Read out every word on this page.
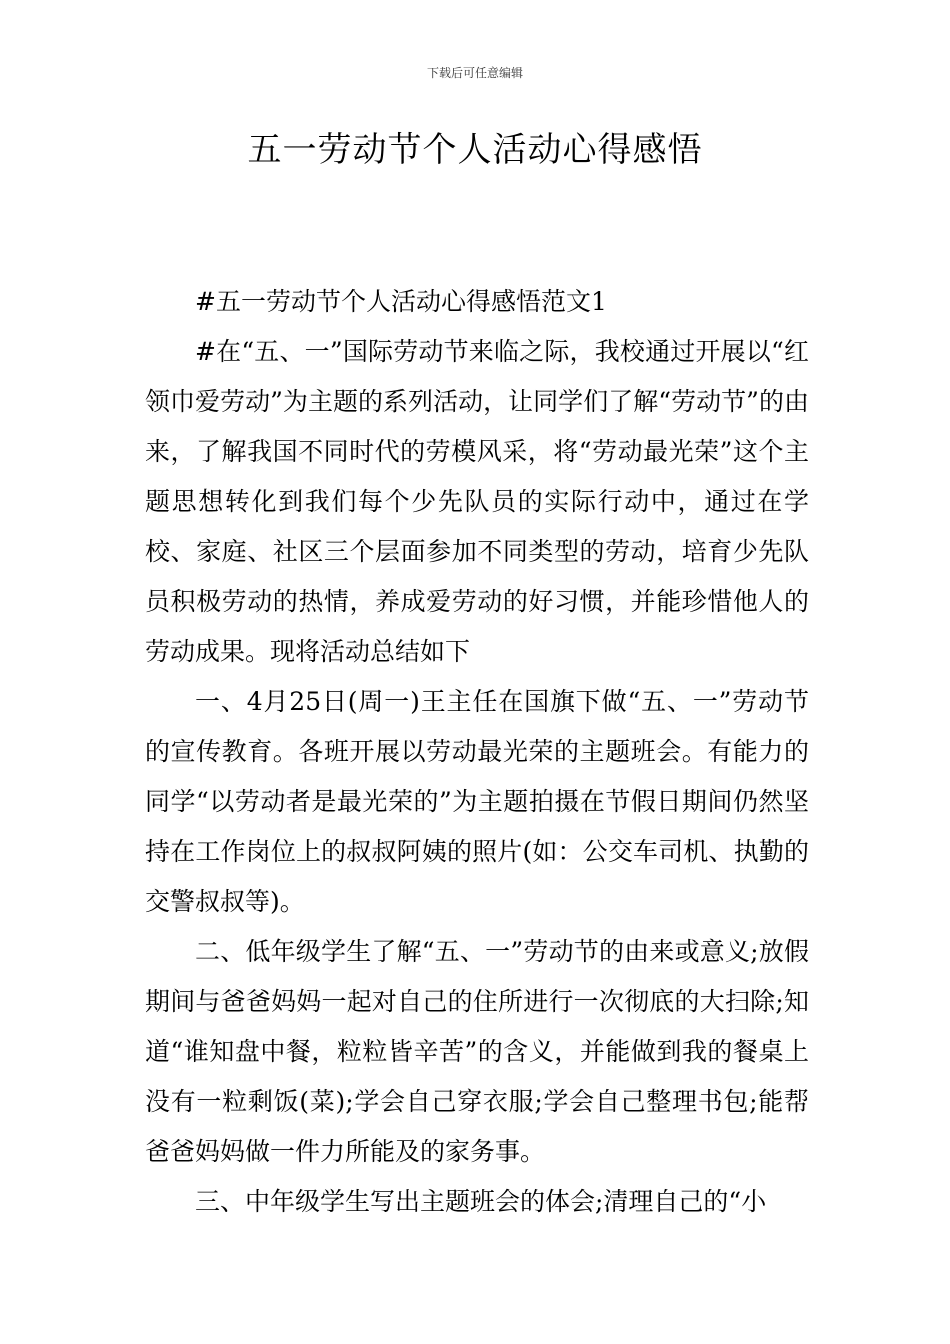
下载后可任意编辑
五一劳动节个人活动心得感悟

#五一劳动节个人活动心得感悟范文1

#在“五、一”国际劳动节来临之际，我校通过开展以“红领巾爱劳动”为主题的系列活动，让同学们了解“劳动节”的由来，了解我国不同时代的劳模风采，将“劳动最光荣”这个主题思想转化到我们每个少先队员的实际行动中，通过在学校、家庭、社区三个层面参加不同类型的劳动，培育少先队员积极劳动的热情，养成爱劳动的好习惯，并能珍惜他人的劳动成果。现将活动总结如下

一、4月25日(周一)王主任在国旗下做“五、一”劳动节的宣传教育。各班开展以劳动最光荣的主题班会。有能力的同学“以劳动者是最光荣的”为主题拍摄在节假日期间仍然坚持在工作岗位上的叔叔阿姨的照片(如：公交车司机、执勤的交警叔叔等)。

二、低年级学生了解“五、一”劳动节的由来或意义;放假期间与爸爸妈妈一起对自己的住所进行一次彻底的大扫除;知道“谁知盘中餐，粒粒皆辛苦”的含义，并能做到我的餐桌上没有一粒剩饭(菜);学会自己穿衣服;学会自己整理书包;能帮爸爸妈妈做一件力所能及的家务事。

三、中年级学生写出主题班会的体会;清理自己的“小
